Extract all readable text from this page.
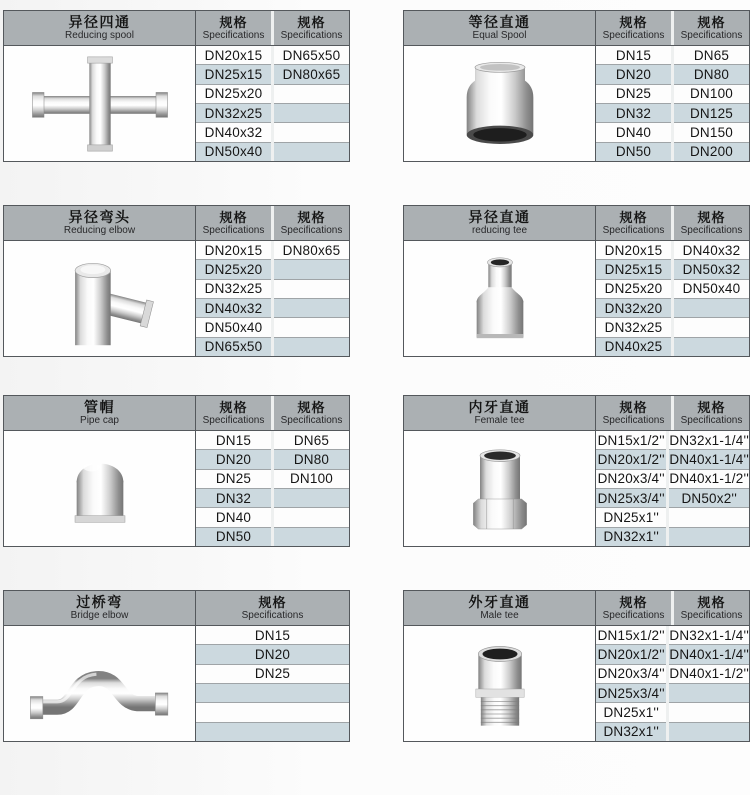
异径四通
Reducing spool
规格
Specifications
规格
Specifications
DN20x15
DN25x15
DN25x20
DN32x25
DN40x32
DN50x40
DN65x50
DN80x65
等径直通
Equal Spool
规格
Specifications
规格
Specifications
DN15
DN20
DN25
DN32
DN40
DN50
DN65
DN80
DN100
DN125
DN150
DN200
异径弯头
Reducing elbow
规格
Specifications
规格
Specifications
DN20x15
DN25x20
DN32x25
DN40x32
DN50x40
DN65x50
DN80x65
异径直通
reducing tee
规格
Specifications
规格
Specifications
DN20x15
DN25x15
DN25x20
DN32x20
DN32x25
DN40x25
DN40x32
DN50x32
DN50x40
管帽
Pipe cap
规格
Specifications
规格
Specifications
DN15
DN20
DN25
DN32
DN40
DN50
DN65
DN80
DN100
内牙直通
Female tee
规格
Specifications
规格
Specifications
DN15x1/2''
DN20x1/2''
DN20x3/4''
DN25x3/4''
DN25x1''
DN32x1''
DN32x1-1/4''
DN40x1-1/4''
DN40x1-1/2''
DN50x2''
过桥弯
Bridge elbow
规格
Specifications
DN15
DN20
DN25
外牙直通
Male tee
规格
Specifications
规格
Specifications
DN15x1/2''
DN20x1/2''
DN20x3/4''
DN25x3/4''
DN25x1''
DN32x1''
DN32x1-1/4''
DN40x1-1/4''
DN40x1-1/2''
